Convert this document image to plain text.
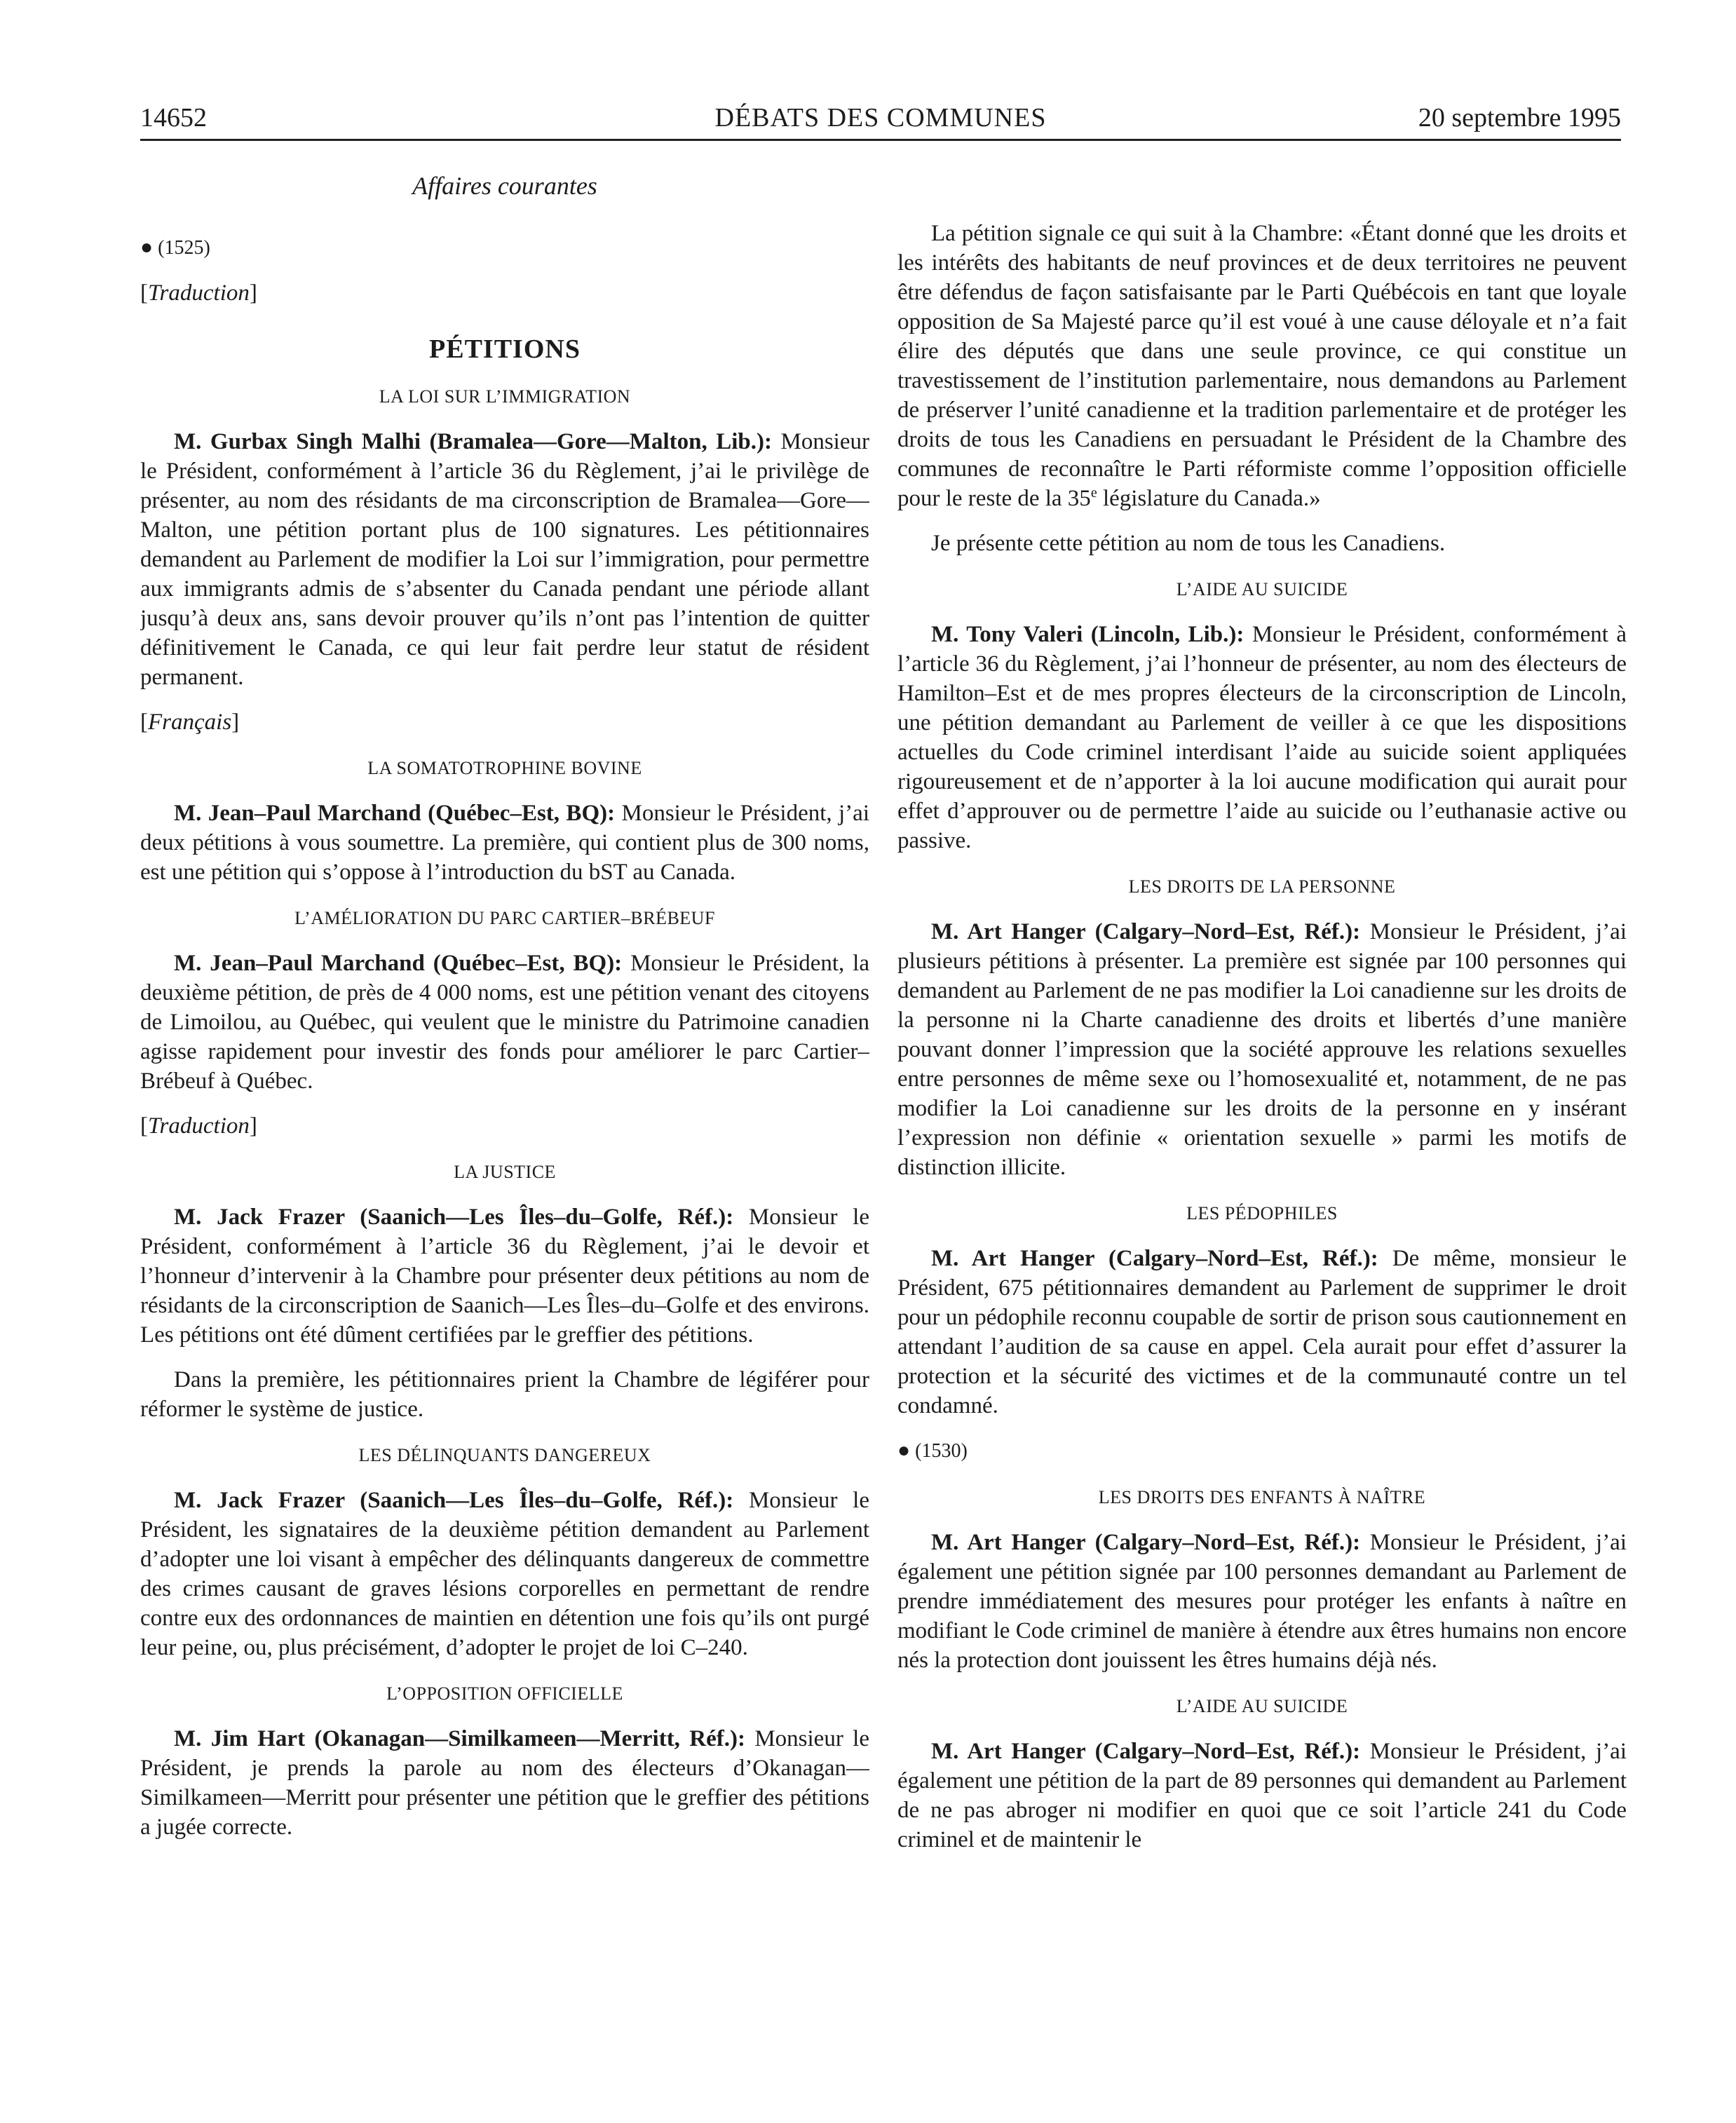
14652	DÉBATS DES COMMUNES	20 septembre 1995
Affaires courantes
● (1525)
[Traduction]
PÉTITIONS
LA LOI SUR L’IMMIGRATION

M. Gurbax Singh Malhi (Bramalea—Gore—Malton, Lib.): Monsieur le Président, conformément à l’article 36 du Règlement, j’ai le privilège de présenter, au nom des résidants de ma circonscription de Bramalea—Gore—Malton, une pétition portant plus de 100 signatures. Les pétitionnaires demandent au Parlement de modifier la Loi sur l’immigration, pour permettre aux immigrants admis de s’absenter du Canada pendant une période allant jusqu’à deux ans, sans devoir prouver qu’ils n’ont pas l’intention de quitter définitivement le Canada, ce qui leur fait perdre leur statut de résident permanent.

[Français]
LA SOMATOTROPHINE BOVINE

M. Jean–Paul Marchand (Québec–Est, BQ): Monsieur le Président, j’ai deux pétitions à vous soumettre. La première, qui contient plus de 300 noms, est une pétition qui s’oppose à l’introduction du bST au Canada.

L’AMÉLIORATION DU PARC CARTIER–BRÉBEUF

M. Jean–Paul Marchand (Québec–Est, BQ): Monsieur le Président, la deuxième pétition, de près de 4 000 noms, est une pétition venant des citoyens de Limoilou, au Québec, qui veulent que le ministre du Patrimoine canadien agisse rapidement pour investir des fonds pour améliorer le parc Cartier–Brébeuf à Québec.

[Traduction]
LA JUSTICE

M. Jack Frazer (Saanich—Les Îles–du–Golfe, Réf.): Monsieur le Président, conformément à l’article 36 du Règlement, j’ai le devoir et l’honneur d’intervenir à la Chambre pour présenter deux pétitions au nom de résidants de la circonscription de Saanich—Les Îles–du–Golfe et des environs. Les pétitions ont été dûment certifiées par le greffier des pétitions.

Dans la première, les pétitionnaires prient la Chambre de légiférer pour réformer le système de justice.

LES DÉLINQUANTS DANGEREUX

M. Jack Frazer (Saanich—Les Îles–du–Golfe, Réf.): Monsieur le Président, les signataires de la deuxième pétition demandent au Parlement d’adopter une loi visant à empêcher des délinquants dangereux de commettre des crimes causant de graves lésions corporelles en permettant de rendre contre eux des ordonnances de maintien en détention une fois qu’ils ont purgé leur peine, ou, plus précisément, d’adopter le projet de loi C–240.

L’OPPOSITION OFFICIELLE

M. Jim Hart (Okanagan—Similkameen—Merritt, Réf.): Monsieur le Président, je prends la parole au nom des électeurs d’Okanagan—Similkameen—Merritt pour présenter une pétition que le greffier des pétitions a jugée correcte.

La pétition signale ce qui suit à la Chambre: «Étant donné que les droits et les intérêts des habitants de neuf provinces et de deux territoires ne peuvent être défendus de façon satisfaisante par le Parti Québécois en tant que loyale opposition de Sa Majesté parce qu’il est voué à une cause déloyale et n’a fait élire des députés que dans une seule province, ce qui constitue un travestissement de l’institution parlementaire, nous demandons au Parlement de préserver l’unité canadienne et la tradition parlementaire et de protéger les droits de tous les Canadiens en persuadant le Président de la Chambre des communes de reconnaître le Parti réformiste comme l’opposition officielle pour le reste de la 35e législature du Canada.»

Je présente cette pétition au nom de tous les Canadiens.

L’AIDE AU SUICIDE

M. Tony Valeri (Lincoln, Lib.): Monsieur le Président, conformément à l’article 36 du Règlement, j’ai l’honneur de présenter, au nom des électeurs de Hamilton–Est et de mes propres électeurs de la circonscription de Lincoln, une pétition demandant au Parlement de veiller à ce que les dispositions actuelles du Code criminel interdisant l’aide au suicide soient appliquées rigoureusement et de n’apporter à la loi aucune modification qui aurait pour effet d’approuver ou de permettre l’aide au suicide ou l’euthanasie active ou passive.

LES DROITS DE LA PERSONNE

M. Art Hanger (Calgary–Nord–Est, Réf.): Monsieur le Président, j’ai plusieurs pétitions à présenter. La première est signée par 100 personnes qui demandent au Parlement de ne pas modifier la Loi canadienne sur les droits de la personne ni la Charte canadienne des droits et libertés d’une manière pouvant donner l’impression que la société approuve les relations sexuelles entre personnes de même sexe ou l’homosexualité et, notamment, de ne pas modifier la Loi canadienne sur les droits de la personne en y insérant l’expression non définie « orientation sexuelle » parmi les motifs de distinction illicite.

LES PÉDOPHILES

M. Art Hanger (Calgary–Nord–Est, Réf.): De même, monsieur le Président, 675 pétitionnaires demandent au Parlement de supprimer le droit pour un pédophile reconnu coupable de sortir de prison sous cautionnement en attendant l’audition de sa cause en appel. Cela aurait pour effet d’assurer la protection et la sécurité des victimes et de la communauté contre un tel condamné.

● (1530)
LES DROITS DES ENFANTS À NAÎTRE

M. Art Hanger (Calgary–Nord–Est, Réf.): Monsieur le Président, j’ai également une pétition signée par 100 personnes demandant au Parlement de prendre immédiatement des mesures pour protéger les enfants à naître en modifiant le Code criminel de manière à étendre aux êtres humains non encore nés la protection dont jouissent les êtres humains déjà nés.

L’AIDE AU SUICIDE

M. Art Hanger (Calgary–Nord–Est, Réf.): Monsieur le Président, j’ai également une pétition de la part de 89 personnes qui demandent au Parlement de ne pas abroger ni modifier en quoi que ce soit l’article 241 du Code criminel et de maintenir le
